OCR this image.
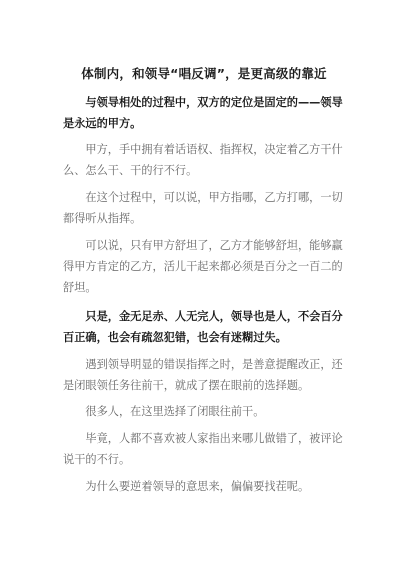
体制内，和领导“唱反调”，是更高级的靠近

与领导相处的过程中，双方的定位是固定的——领导是永远的甲方。

甲方，手中拥有着话语权、指挥权，决定着乙方干什么、怎么干、干的行不行。

在这个过程中，可以说，甲方指哪，乙方打哪，一切都得听从指挥。

可以说，只有甲方舒坦了，乙方才能够舒坦，能够赢得甲方肯定的乙方，活儿干起来都必须是百分之一百二的舒坦。

只是，金无足赤、人无完人，领导也是人，不会百分百正确，也会有疏忽犯错，也会有迷糊过失。

遇到领导明显的错误指挥之时，是善意提醒改正，还是闭眼领任务往前干，就成了摆在眼前的选择题。

很多人，在这里选择了闭眼往前干。

毕竟，人都不喜欢被人家指出来哪儿做错了，被评论说干的不行。

为什么要逆着领导的意思来，偏偏要找茬呢。
